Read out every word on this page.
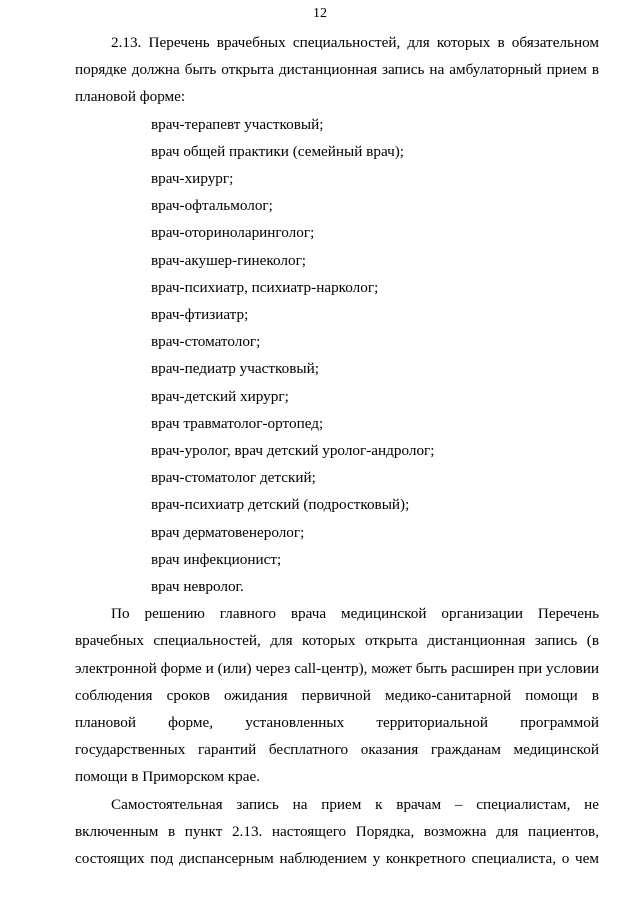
12

2.13. Перечень врачебных специальностей, для которых в обязательном порядке должна быть открыта дистанционная запись на амбулаторный прием в плановой форме:

врач-терапевт участковый;
врач общей практики (семейный врач);
врач-хирург;
врач-офтальмолог;
врач-оториноларинголог;
врач-акушер-гинеколог;
врач-психиатр, психиатр-нарколог;
врач-фтизиатр;
врач-стоматолог;
врач-педиатр участковый;
врач-детский хирург;
врач травматолог-ортопед;
врач-уролог, врач детский уролог-андролог;
врач-стоматолог детский;
врач-психиатр детский (подростковый);
врач дерматовенеролог;
врач инфекционист;
врач невролог.

По решению главного врача медицинской организации Перечень врачебных специальностей, для которых открыта дистанционная запись (в электронной форме и (или) через call-центр), может быть расширен при условии соблюдения сроков ожидания первичной медико-санитарной помощи в плановой форме, установленных территориальной программой государственных гарантий бесплатного оказания гражданам медицинской помощи в Приморском крае.

Самостоятельная запись на прием к врачам – специалистам, не включенным в пункт 2.13. настоящего Порядка, возможна для пациентов, состоящих под диспансерным наблюдением у конкретного специалиста, о чем
